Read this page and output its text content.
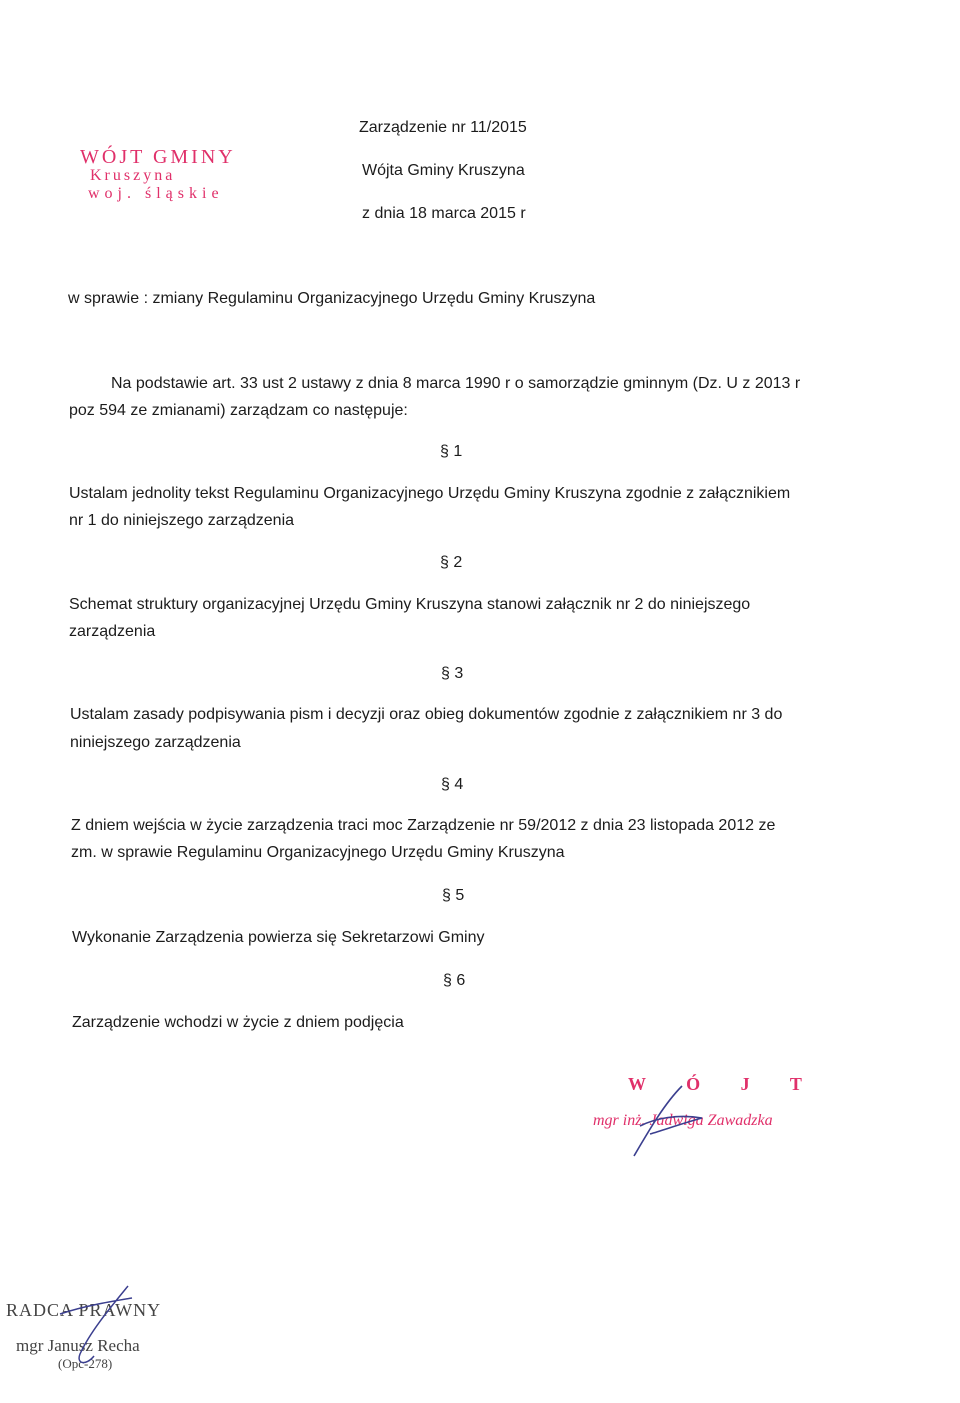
WÓJT GMINY
Kruszyna
woj. śląskie
Zarządzenie nr 11/2015
Wójta Gminy Kruszyna
z dnia 18 marca 2015 r
w sprawie : zmiany Regulaminu Organizacyjnego Urzędu Gminy Kruszyna
Na podstawie art. 33 ust 2 ustawy z dnia 8 marca 1990 r o samorządzie gminnym (Dz. U z 2013 r
poz 594 ze zmianami) zarządzam co następuje:
§ 1
Ustalam jednolity tekst Regulaminu Organizacyjnego Urzędu Gminy Kruszyna zgodnie z załącznikiem
nr 1 do niniejszego zarządzenia
§ 2
Schemat struktury organizacyjnej Urzędu Gminy Kruszyna stanowi załącznik nr 2 do niniejszego
zarządzenia
§ 3
Ustalam zasady podpisywania pism i decyzji oraz obieg dokumentów zgodnie z załącznikiem nr 3 do
niniejszego zarządzenia
§ 4
Z dniem wejścia w życie zarządzenia traci moc Zarządzenie nr 59/2012 z dnia 23 listopada 2012 ze
zm. w sprawie Regulaminu Organizacyjnego Urzędu Gminy Kruszyna
§ 5
Wykonanie Zarządzenia powierza się Sekretarzowi Gminy
§ 6
Zarządzenie wchodzi w życie z dniem podjęcia
W Ó J T
mgr inż. Jadwiga Zawadzka
RADCA PRAWNY
mgr Janusz Recha
(Opc-278)
